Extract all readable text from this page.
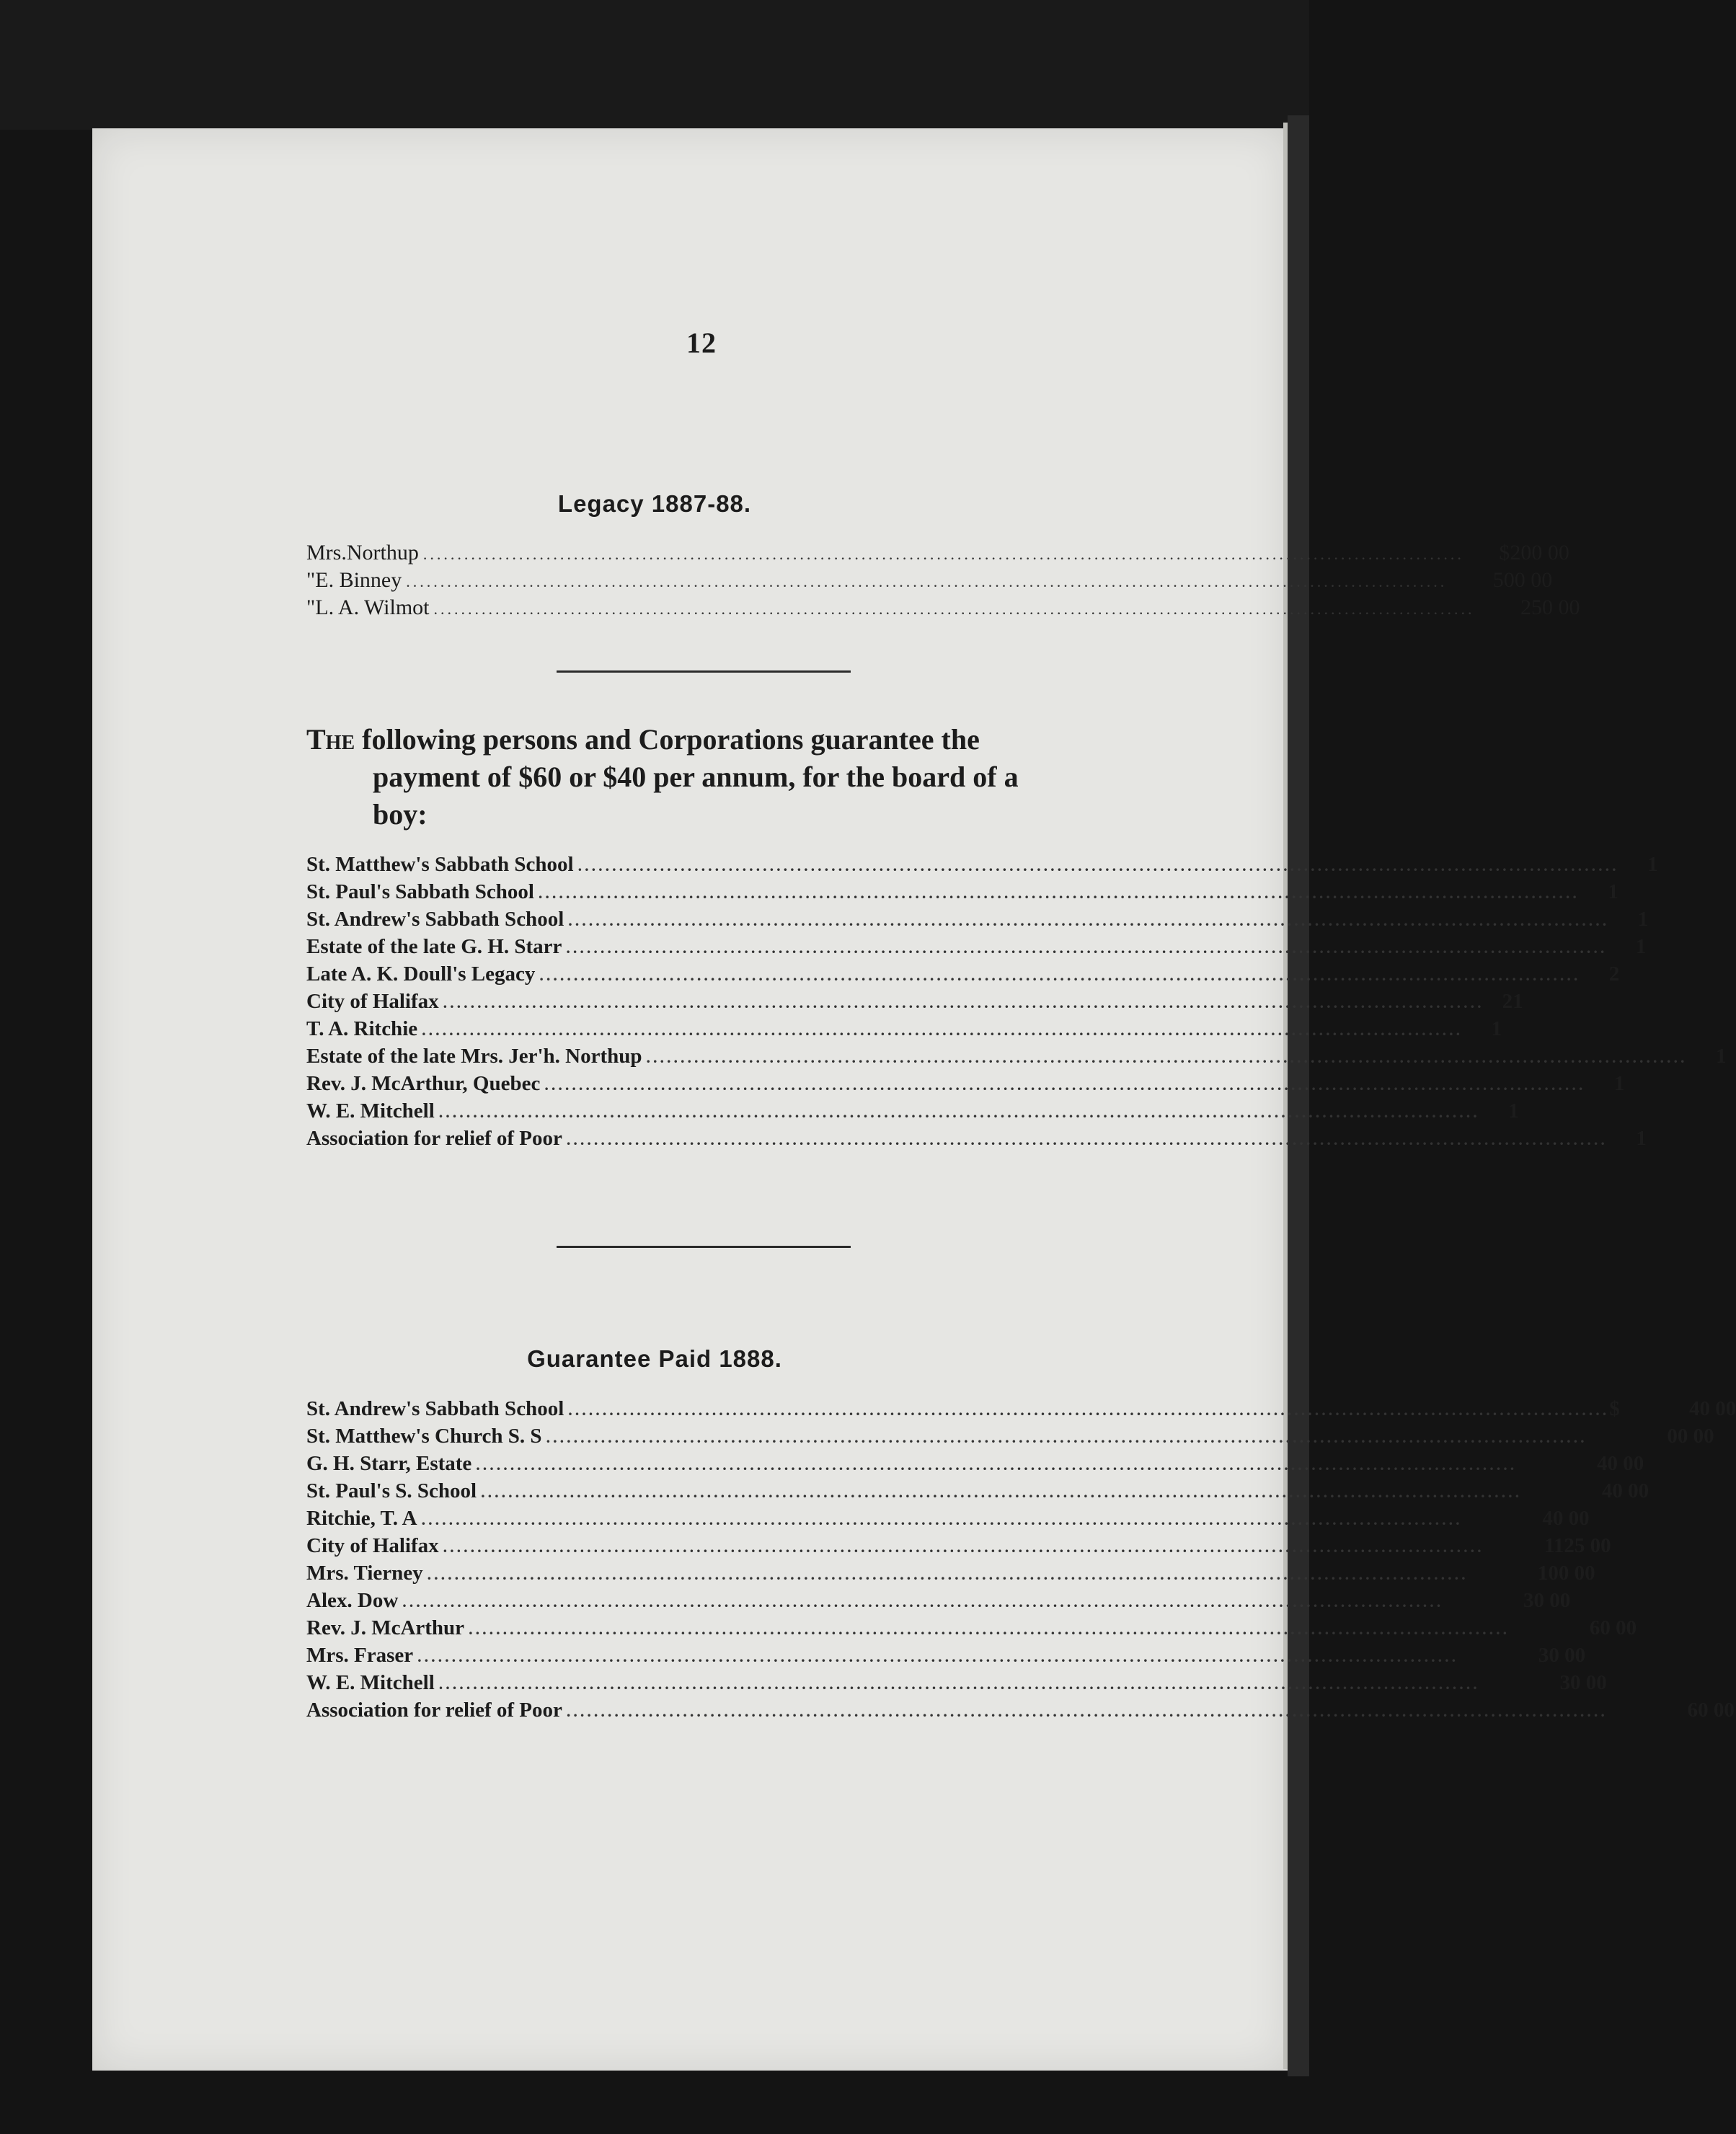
12
Legacy 1887-88.
Mrs. Northup ........................................................................................................................................................	$200 00
" E. Binney ........................................................................................................................................................	500 00
" L. A. Wilmot ........................................................................................................................................................	250 00
The following persons and Corporations guarantee the
payment of $60 or $40 per annum, for the board of a
boy:
St. Matthew's Sabbath School ........................................................................................................................................................	1
St. Paul's Sabbath School ........................................................................................................................................................	1
St. Andrew's Sabbath School ........................................................................................................................................................	1
Estate of the late G. H. Starr ........................................................................................................................................................	1
Late A. K. Doull's Legacy ........................................................................................................................................................	2
City of Halifax ........................................................................................................................................................ 21
T. A. Ritchie ........................................................................................................................................................	1
Estate of the late Mrs. Jer'h. Northup ........................................................................................................................................................	1
Rev. J. McArthur, Quebec ........................................................................................................................................................	1
W. E. Mitchell ........................................................................................................................................................	1
Association for relief of Poor ........................................................................................................................................................	1
Guarantee Paid 1888.
St. Andrew's Sabbath School ........................................................................................................................................................ $	40 00
St. Matthew's Church S. S ........................................................................................................................................................	00 00
G. H. Starr, Estate ........................................................................................................................................................	40 00
St. Paul's S. School ........................................................................................................................................................	40 00
Ritchie, T. A ........................................................................................................................................................	40 00
City of Halifax ........................................................................................................................................................	1125 00
Mrs. Tierney ........................................................................................................................................................	100 00
Alex. Dow ........................................................................................................................................................	30 00
Rev. J. McArthur ........................................................................................................................................................	60 00
Mrs. Fraser ........................................................................................................................................................	30 00
W. E. Mitchell ........................................................................................................................................................	30 00
Association for relief of Poor ........................................................................................................................................................	60 00
